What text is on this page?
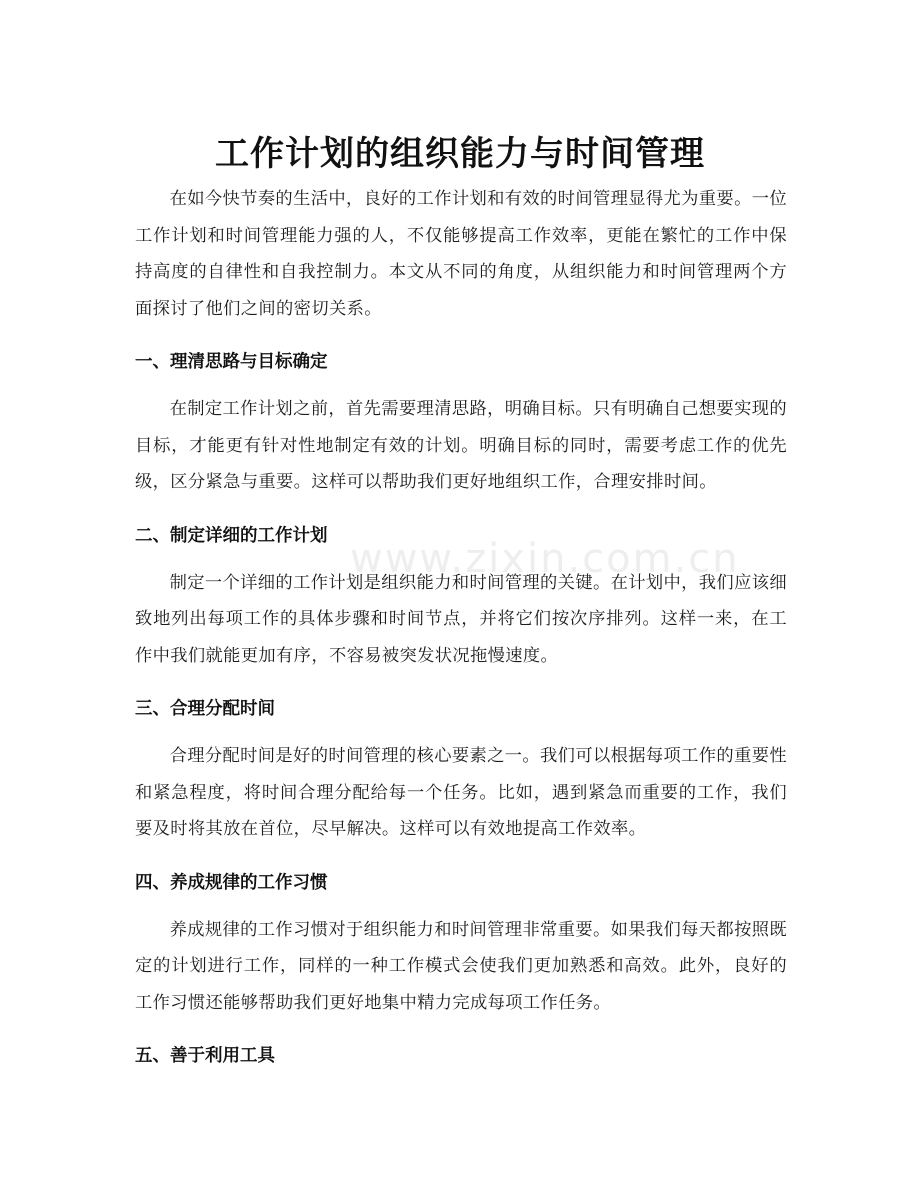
www.zixin.com.cn
工作计划的组织能力与时间管理

在如今快节奏的生活中，良好的工作计划和有效的时间管理显得尤为重要。一位工作计划和时间管理能力强的人，不仅能够提高工作效率，更能在繁忙的工作中保持高度的自律性和自我控制力。本文从不同的角度，从组织能力和时间管理两个方面探讨了他们之间的密切关系。

一、理清思路与目标确定

在制定工作计划之前，首先需要理清思路，明确目标。只有明确自己想要实现的目标，才能更有针对性地制定有效的计划。明确目标的同时，需要考虑工作的优先级，区分紧急与重要。这样可以帮助我们更好地组织工作，合理安排时间。

二、制定详细的工作计划

制定一个详细的工作计划是组织能力和时间管理的关键。在计划中，我们应该细致地列出每项工作的具体步骤和时间节点，并将它们按次序排列。这样一来，在工作中我们就能更加有序，不容易被突发状况拖慢速度。

三、合理分配时间

合理分配时间是好的时间管理的核心要素之一。我们可以根据每项工作的重要性和紧急程度，将时间合理分配给每一个任务。比如，遇到紧急而重要的工作，我们要及时将其放在首位，尽早解决。这样可以有效地提高工作效率。

四、养成规律的工作习惯

养成规律的工作习惯对于组织能力和时间管理非常重要。如果我们每天都按照既定的计划进行工作，同样的一种工作模式会使我们更加熟悉和高效。此外，良好的工作习惯还能够帮助我们更好地集中精力完成每项工作任务。

五、善于利用工具
